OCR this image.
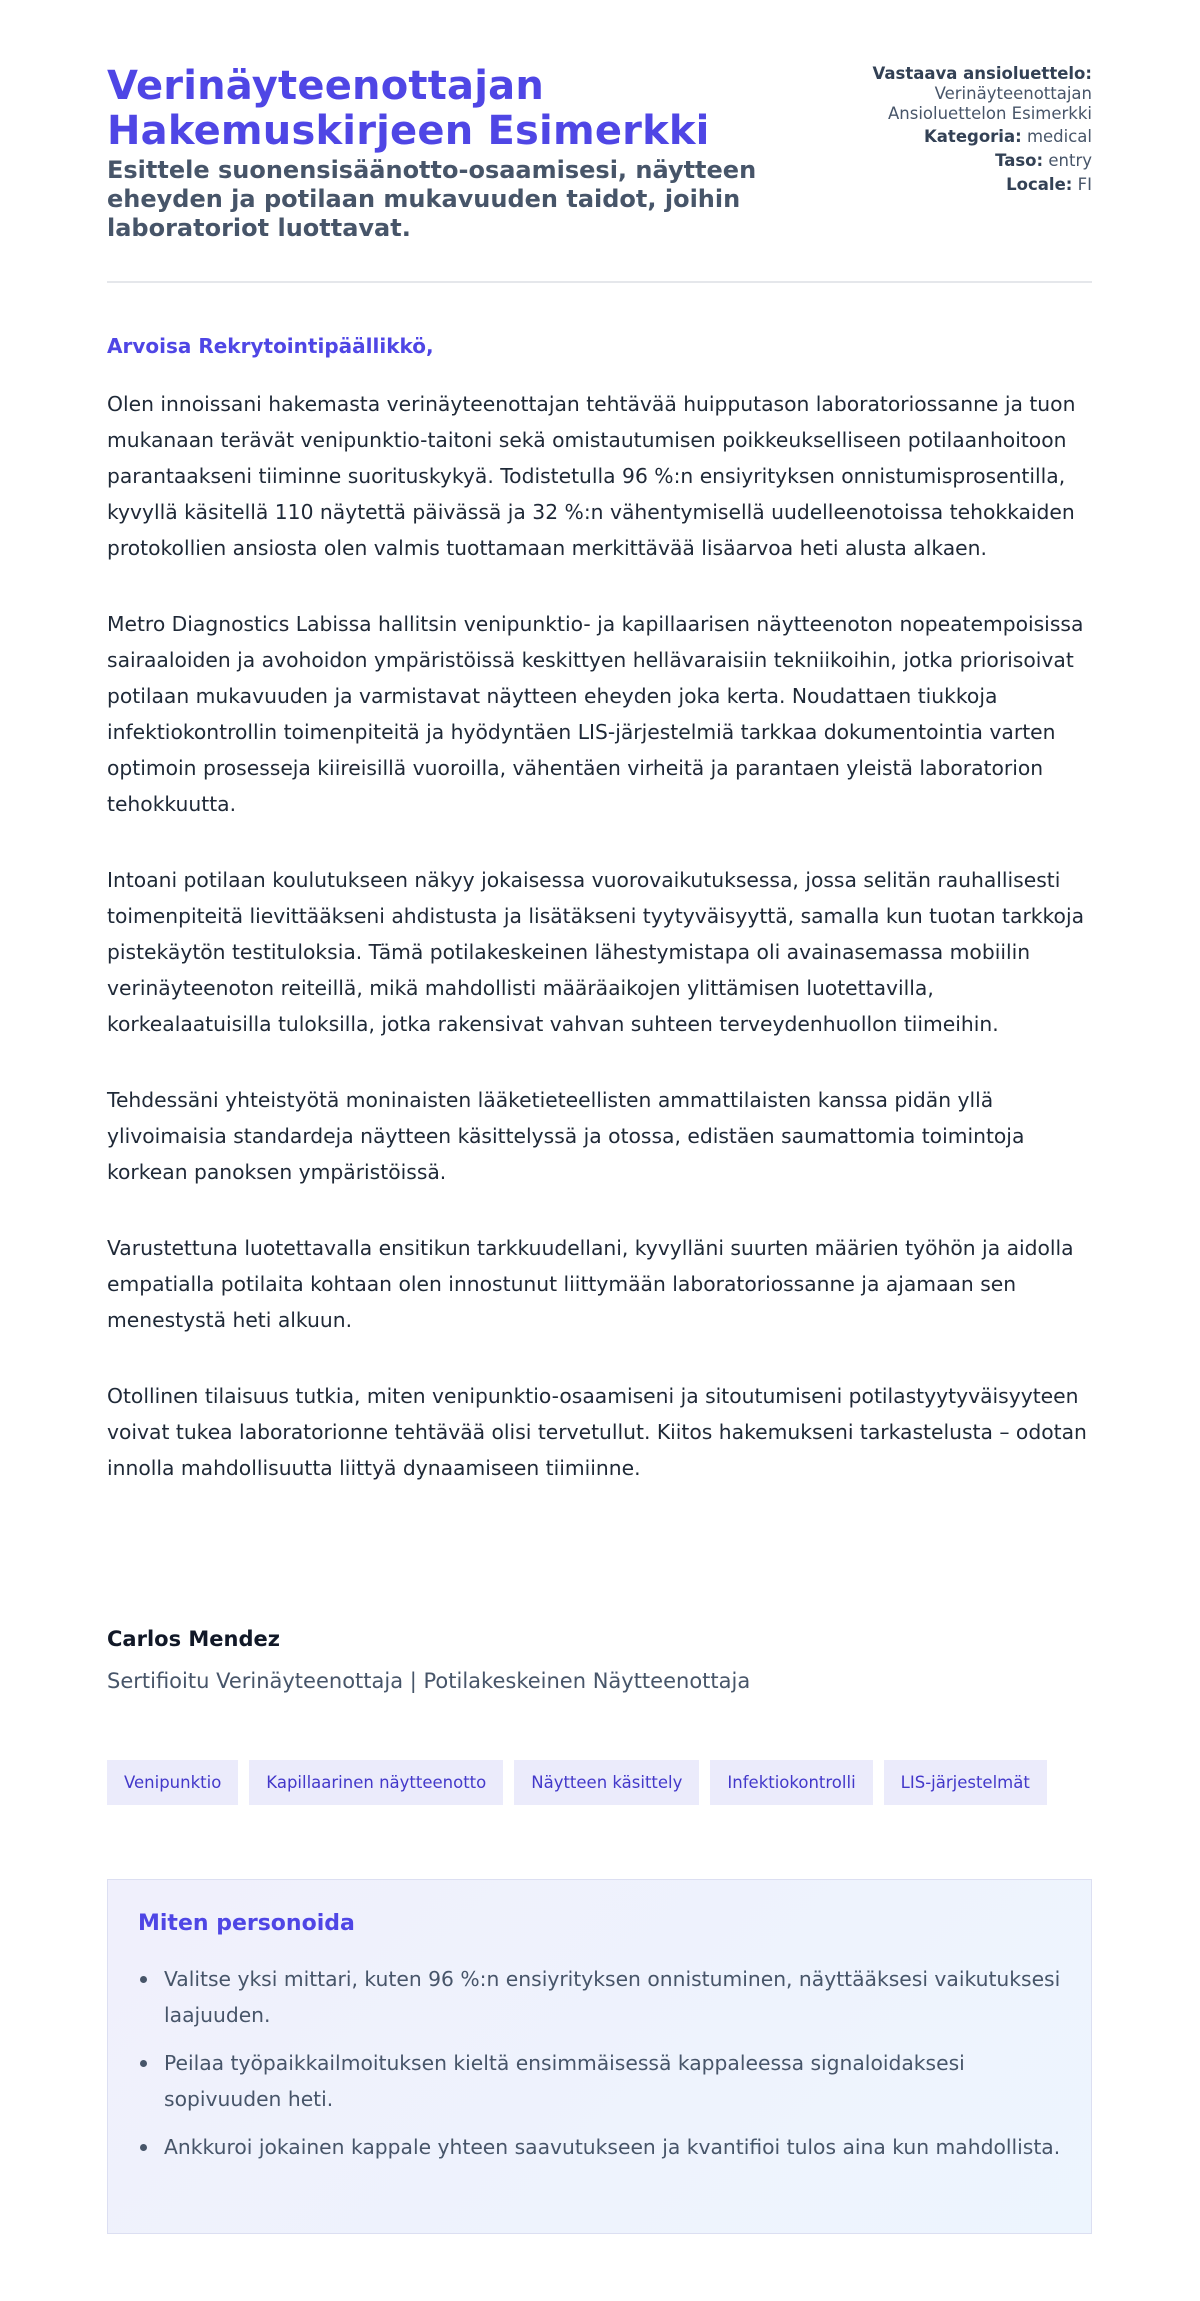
Verinäyteenottajan Hakemuskirjeen Esimerkki
Esittele suonensisäänotto-osaamisesi, näytteen eheyden ja potilaan mukavuuden taidot, joihin laboratoriot luottavat.
Vastaava ansioluettelo:
Verinäyteenottajan Ansioluettelon Esimerkki
Kategoria: medical
Taso: entry
Locale: FI

Arvoisa Rekrytointipäällikkö,

Olen innoissani hakemasta verinäyteenottajan tehtävää huipputason laboratoriossanne ja tuon mukanaan terävät venipunktio-taitoni sekä omistautumisen poikkeukselliseen potilaanhoitoon parantaakseni tiiminne suorituskykyä. Todistetulla 96 %:n ensiyrityksen onnistumisprosentilla, kyvyllä käsitellä 110 näytettä päivässä ja 32 %:n vähentymisellä uudelleenotoissa tehokkaiden protokollien ansiosta olen valmis tuottamaan merkittävää lisäarvoa heti alusta alkaen.

Metro Diagnostics Labissa hallitsin venipunktio- ja kapillaarisen näytteenoton nopeatempoisissa sairaaloiden ja avohoidon ympäristöissä keskittyen hellävaraisiin tekniikoihin, jotka priorisoivat potilaan mukavuuden ja varmistavat näytteen eheyden joka kerta. Noudattaen tiukkoja infektiokontrollin toimenpiteitä ja hyödyntäen LIS-järjestelmiä tarkkaa dokumentointia varten optimoin prosesseja kiireisillä vuoroilla, vähentäen virheitä ja parantaen yleistä laboratorion tehokkuutta.

Intoani potilaan koulutukseen näkyy jokaisessa vuorovaikutuksessa, jossa selitän rauhallisesti toimenpiteitä lievittääkseni ahdistusta ja lisätäkseni tyytyväisyyttä, samalla kun tuotan tarkkoja pistekäytön testituloksia. Tämä potilakeskeinen lähestymistapa oli avainasemassa mobiilin verinäyteenoton reiteillä, mikä mahdollisti määräaikojen ylittämisen luotettavilla, korkealaatuisilla tuloksilla, jotka rakensivat vahvan suhteen terveydenhuollon tiimeihin.

Tehdessäni yhteistyötä moninaisten lääketieteellisten ammattilaisten kanssa pidän yllä ylivoimaisia standardeja näytteen käsittelyssä ja otossa, edistäen saumattomia toimintoja korkean panoksen ympäristöissä.

Varustettuna luotettavalla ensitikun tarkkuudellani, kyvylläni suurten määrien työhön ja aidolla empatialla potilaita kohtaan olen innostunut liittymään laboratoriossanne ja ajamaan sen menestystä heti alkuun.

Otollinen tilaisuus tutkia, miten venipunktio-osaamiseni ja sitoutumiseni potilastyytyväisyyteen voivat tukea laboratorionne tehtävää olisi tervetullut. Kiitos hakemukseni tarkastelusta – odotan innolla mahdollisuutta liittyä dynaamiseen tiimiinne.

Carlos Mendez
Sertifioitu Verinäyteenottaja | Potilakeskeinen Näytteenottaja
Venipunktio	Kapillaarinen näytteenotto	Näytteen käsittely	Infektiokontrolli	LIS-järjestelmät
Miten personoida
Valitse yksi mittari, kuten 96 %:n ensiyrityksen onnistuminen, näyttääksesi vaikutuksesi laajuuden.
Peilaa työpaikkailmoituksen kieltä ensimmäisessä kappaleessa signaloidaksesi sopivuuden heti.
Ankkuroi jokainen kappale yhteen saavutukseen ja kvantifioi tulos aina kun mahdollista.
